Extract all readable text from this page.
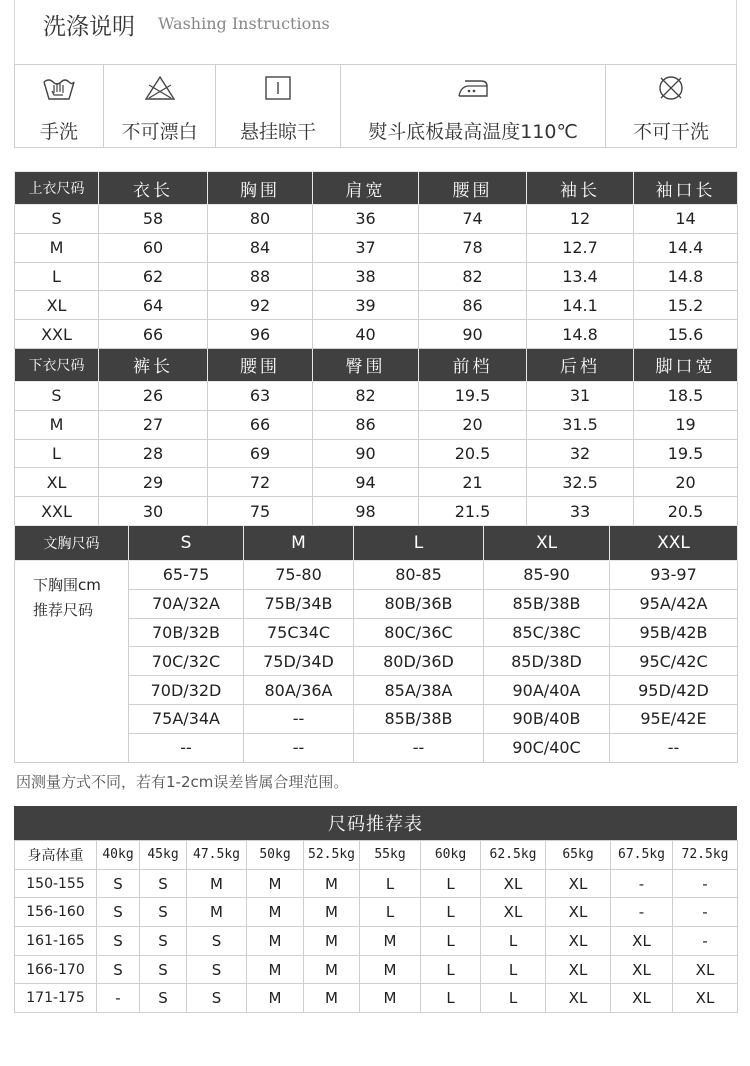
洗涤说明 Washing Instructions
手洗 不可漂白 悬挂晾干	熨斗底板最高温度110℃	不可干洗
上衣尺码	衣长	胸围	肩宽	腰围	袖长	袖口长
S	58	80	36	74	12	14
M	60	84	37	78	12.7	14.4
L	62	88	38	82	13.4	14.8
XL	64	92	39	86	14.1	15.2
XXL	66	96	40	90	14.8	15.6
下衣尺码	裤长	腰围	臀围	前档	后档	脚口宽
S	26	63	82	19.5	31	18.5
M	27	66	86	20	31.5	19
L	28	69	90	20.5	32	19.5
XL	29	72	94	21	32.5	20
XXL	30	75	98	21.5	33	20.5
文胸尺码	S	M	L	XL	XXL

下胸围cm
推荐尺码	65-75	75-80	80-85	85-90	93-97
	70A/32A	75B/34B	80B/36B	85B/38B	95A/42A
	70B/32B	75C34C	80C/36C	85C/38C	95B/42B
	70C/32C	75D/34D	80D/36D	85D/38D	95C/42C
	70D/32D	80A/36A	85A/38A	90A/40A	95D/42D
	75A/34A	--	85B/38B	90B/40B	95E/42E
	--	--	--	90C/40C	--
因测量方式不同，若有1-2cm误差皆属合理范围。
尺码推荐表
身高体重	40kg	45kg	47.5kg	50kg	52.5kg	55kg	60kg	62.5kg	65kg	67.5kg	72.5kg
150-155	S	S	M	M	M	L	L	XL	XL	-	-
156-160	S	S	M	M	M	L	L	XL	XL	-	-
161-165	S	S	S	M	M	M	L	L	XL	XL	-
166-170	S	S	S	M	M	M	L	L	XL	XL	XL
171-175	-	S	S	M	M	M	L	L	XL	XL	XL
